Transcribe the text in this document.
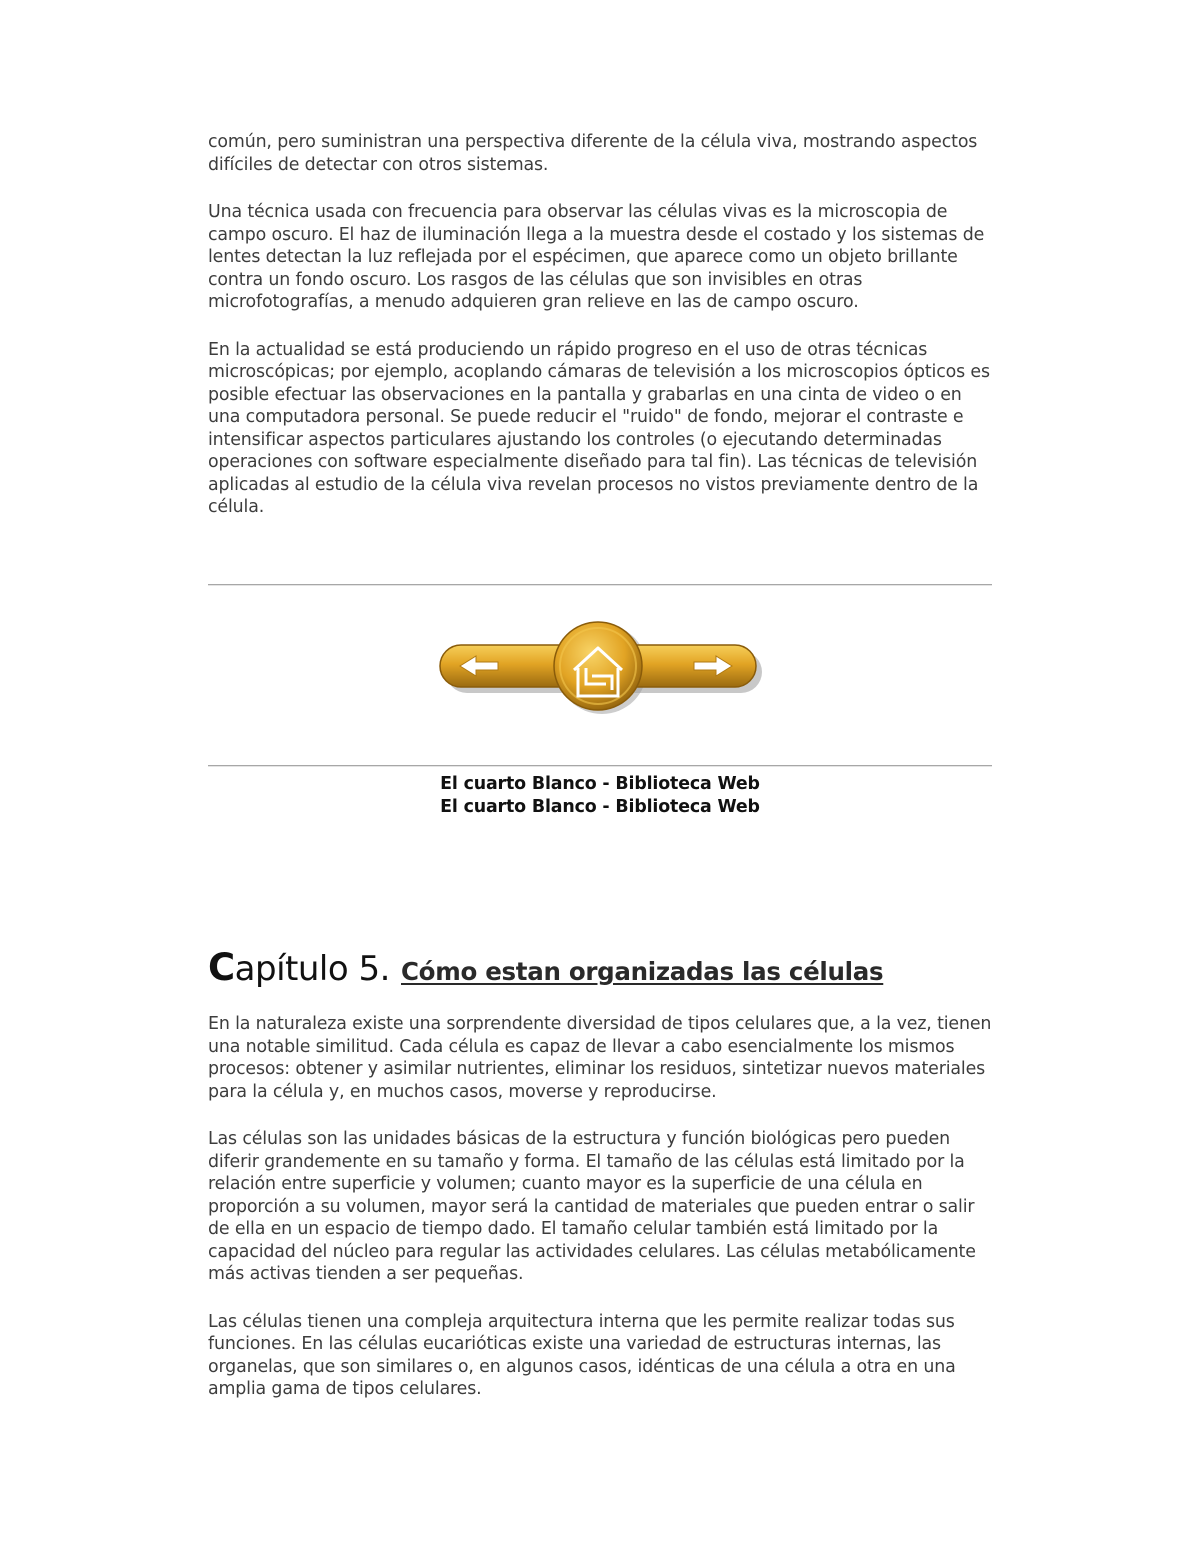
común, pero suministran una perspectiva diferente de la célula viva, mostrando aspectos difíciles de detectar con otros sistemas.

Una técnica usada con frecuencia para observar las células vivas es la microscopia de campo oscuro. El haz de iluminación llega a la muestra desde el costado y los sistemas de lentes detectan la luz reflejada por el espécimen, que aparece como un objeto brillante contra un fondo oscuro. Los rasgos de las células que son invisibles en otras microfotografías, a menudo adquieren gran relieve en las de campo oscuro.

En la actualidad se está produciendo un rápido progreso en el uso de otras técnicas microscópicas; por ejemplo, acoplando cámaras de televisión a los microscopios ópticos es posible efectuar las observaciones en la pantalla y grabarlas en una cinta de video o en una computadora personal. Se puede reducir el "ruido" de fondo, mejorar el contraste e intensificar aspectos particulares ajustando los controles (o ejecutando determinadas operaciones con software especialmente diseñado para tal fin). Las técnicas de televisión aplicadas al estudio de la célula viva revelan procesos no vistos previamente dentro de la célula.

El cuarto Blanco - Biblioteca Web
El cuarto Blanco - Biblioteca Web
Capítulo 5. Cómo estan organizadas las células

En la naturaleza existe una sorprendente diversidad de tipos celulares que, a la vez, tienen una notable similitud. Cada célula es capaz de llevar a cabo esencialmente los mismos procesos: obtener y asimilar nutrientes, eliminar los residuos, sintetizar nuevos materiales para la célula y, en muchos casos, moverse y reproducirse.

Las células son las unidades básicas de la estructura y función biológicas pero pueden diferir grandemente en su tamaño y forma. El tamaño de las células está limitado por la relación entre superficie y volumen; cuanto mayor es la superficie de una célula en proporción a su volumen, mayor será la cantidad de materiales que pueden entrar o salir de ella en un espacio de tiempo dado. El tamaño celular también está limitado por la capacidad del núcleo para regular las actividades celulares. Las células metabólicamente más activas tienden a ser pequeñas.

Las células tienen una compleja arquitectura interna que les permite realizar todas sus funciones. En las células eucarióticas existe una variedad de estructuras internas, las organelas, que son similares o, en algunos casos, idénticas de una célula a otra en una amplia gama de tipos celulares.
